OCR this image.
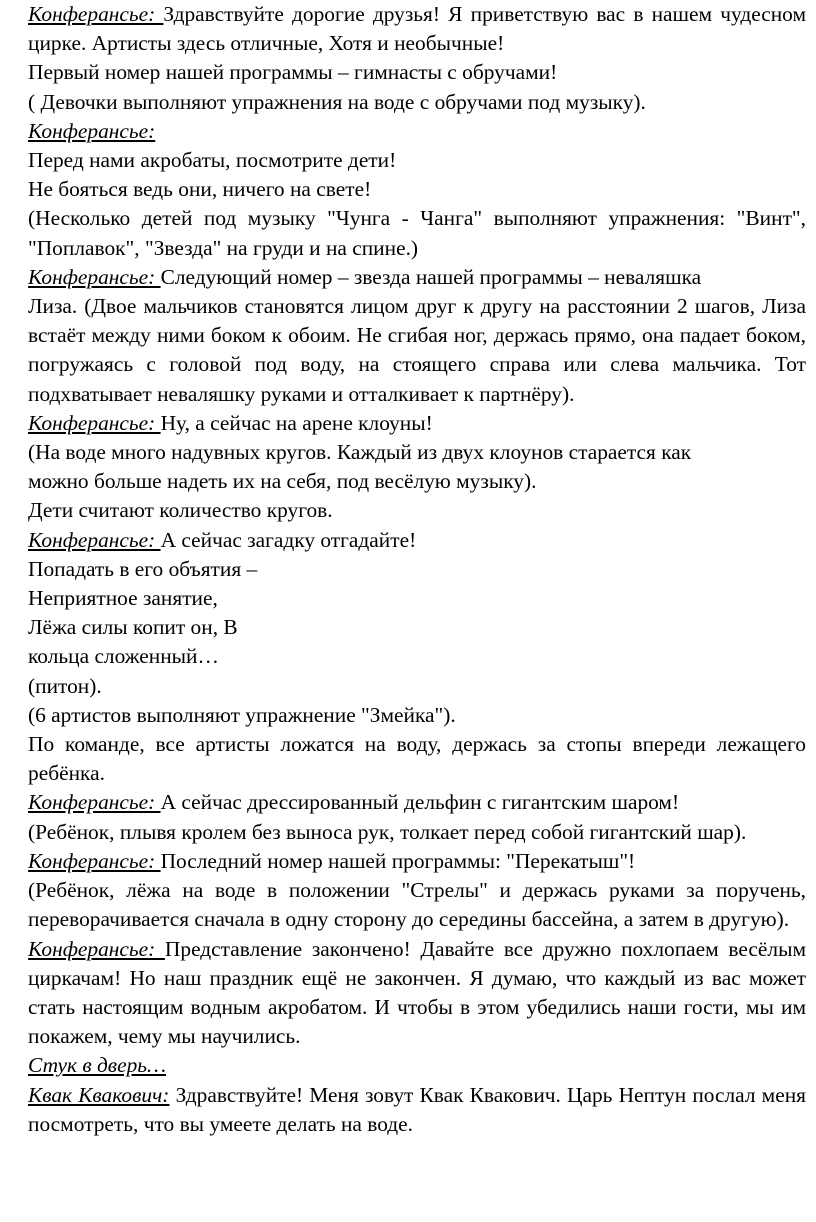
Конферансье: Здравствуйте дорогие друзья! Я приветствую вас в нашем чудесном цирке. Артисты здесь отличные, Хотя и необычные!

Первый номер нашей программы – гимнасты с обручами!

( Девочки выполняют упражнения на воде с обручами под музыку).

Конферансье:

Перед нами акробаты, посмотрите дети!

Не бояться ведь они, ничего на свете!

(Несколько детей под музыку "Чунга - Чанга" выполняют упражнения: "Винт", "Поплавок", "Звезда" на груди и на спине.)

Конферансье: Следующий номер – звезда нашей программы – неваляшка

Лиза. (Двое мальчиков становятся лицом друг к другу на расстоянии 2 шагов, Лиза встаёт между ними боком к обоим. Не сгибая ног, держась прямо, она падает боком, погружаясь с головой под воду, на стоящего справа или слева мальчика. Тот подхватывает неваляшку руками и отталкивает к партнёру).

Конферансье: Ну, а сейчас на арене клоуны!

(На воде много надувных кругов. Каждый из двух клоунов старается как можно больше надеть их на себя, под весёлую музыку).

Дети считают количество кругов.

Конферансье: А сейчас загадку отгадайте!

Попадать в его объятия –

Неприятное занятие,

Лёжа силы копит он, В

кольца сложенный…

(питон).

(6 артистов выполняют упражнение "Змейка").

По команде, все артисты ложатся на воду, держась за стопы впереди лежащего ребёнка.

Конферансье: А сейчас дрессированный дельфин с гигантским шаром!

(Ребёнок, плывя кролем без выноса рук, толкает перед собой гигантский шар).

Конферансье: Последний номер нашей программы: "Перекатыш"!

(Ребёнок, лёжа на воде в положении "Стрелы" и держась руками за поручень, переворачивается сначала в одну сторону до середины бассейна, а затем в другую).

Конферансье: Представление закончено! Давайте все дружно похлопаем весёлым циркачам! Но наш праздник ещё не закончен. Я думаю, что каждый из вас может стать настоящим водным акробатом. И чтобы в этом убедились наши гости, мы им покажем, чему мы научились.

Стук в дверь…

Квак Квакович: Здравствуйте! Меня зовут Квак Квакович. Царь Нептун послал меня посмотреть, что вы умеете делать на воде.
